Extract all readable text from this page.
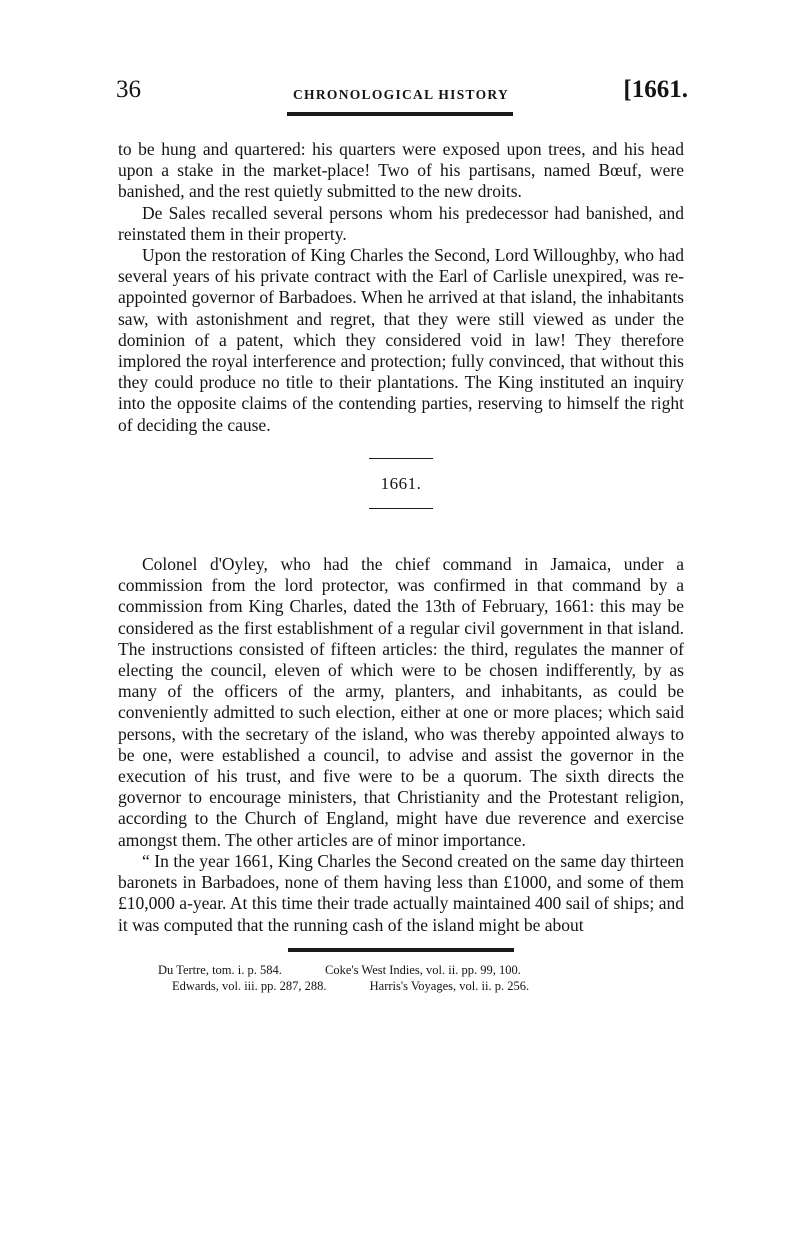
36	CHRONOLOGICAL HISTORY	[1661.

to be hung and quartered: his quarters were exposed upon trees, and his head upon a stake in the market-place! Two of his partisans, named Bœuf, were banished, and the rest quietly submitted to the new droits.

De Sales recalled several persons whom his predecessor had banished, and reinstated them in their property.

Upon the restoration of King Charles the Second, Lord Willoughby, who had several years of his private contract with the Earl of Carlisle unexpired, was re-appointed governor of Barbadoes. When he arrived at that island, the inhabitants saw, with astonishment and regret, that they were still viewed as under the dominion of a patent, which they considered void in law! They therefore implored the royal interference and protection; fully convinced, that without this they could produce no title to their plantations. The King instituted an inquiry into the opposite claims of the contending parties, reserving to himself the right of deciding the cause.

1661.

Colonel d'Oyley, who had the chief command in Jamaica, under a commission from the lord protector, was confirmed in that command by a commission from King Charles, dated the 13th of February, 1661: this may be considered as the first establishment of a regular civil government in that island. The instructions consisted of fifteen articles: the third, regulates the manner of electing the council, eleven of which were to be chosen indifferently, by as many of the officers of the army, planters, and inhabitants, as could be conveniently admitted to such election, either at one or more places; which said persons, with the secretary of the island, who was thereby appointed always to be one, were established a council, to advise and assist the governor in the execution of his trust, and five were to be a quorum. The sixth directs the governor to encourage ministers, that Christianity and the Protestant religion, according to the Church of England, might have due reverence and exercise amongst them. The other articles are of minor importance.

“ In the year 1661, King Charles the Second created on the same day thirteen baronets in Barbadoes, none of them having less than £1000, and some of them £10,000 a-year. At this time their trade actually maintained 400 sail of ships; and it was computed that the running cash of the island might be about

Du Tertre, tom. i. p. 584.	Coke's West Indies, vol. ii. pp. 99, 100.
Edwards, vol. iii. pp. 287, 288.	Harris's Voyages, vol. ii. p. 256.
